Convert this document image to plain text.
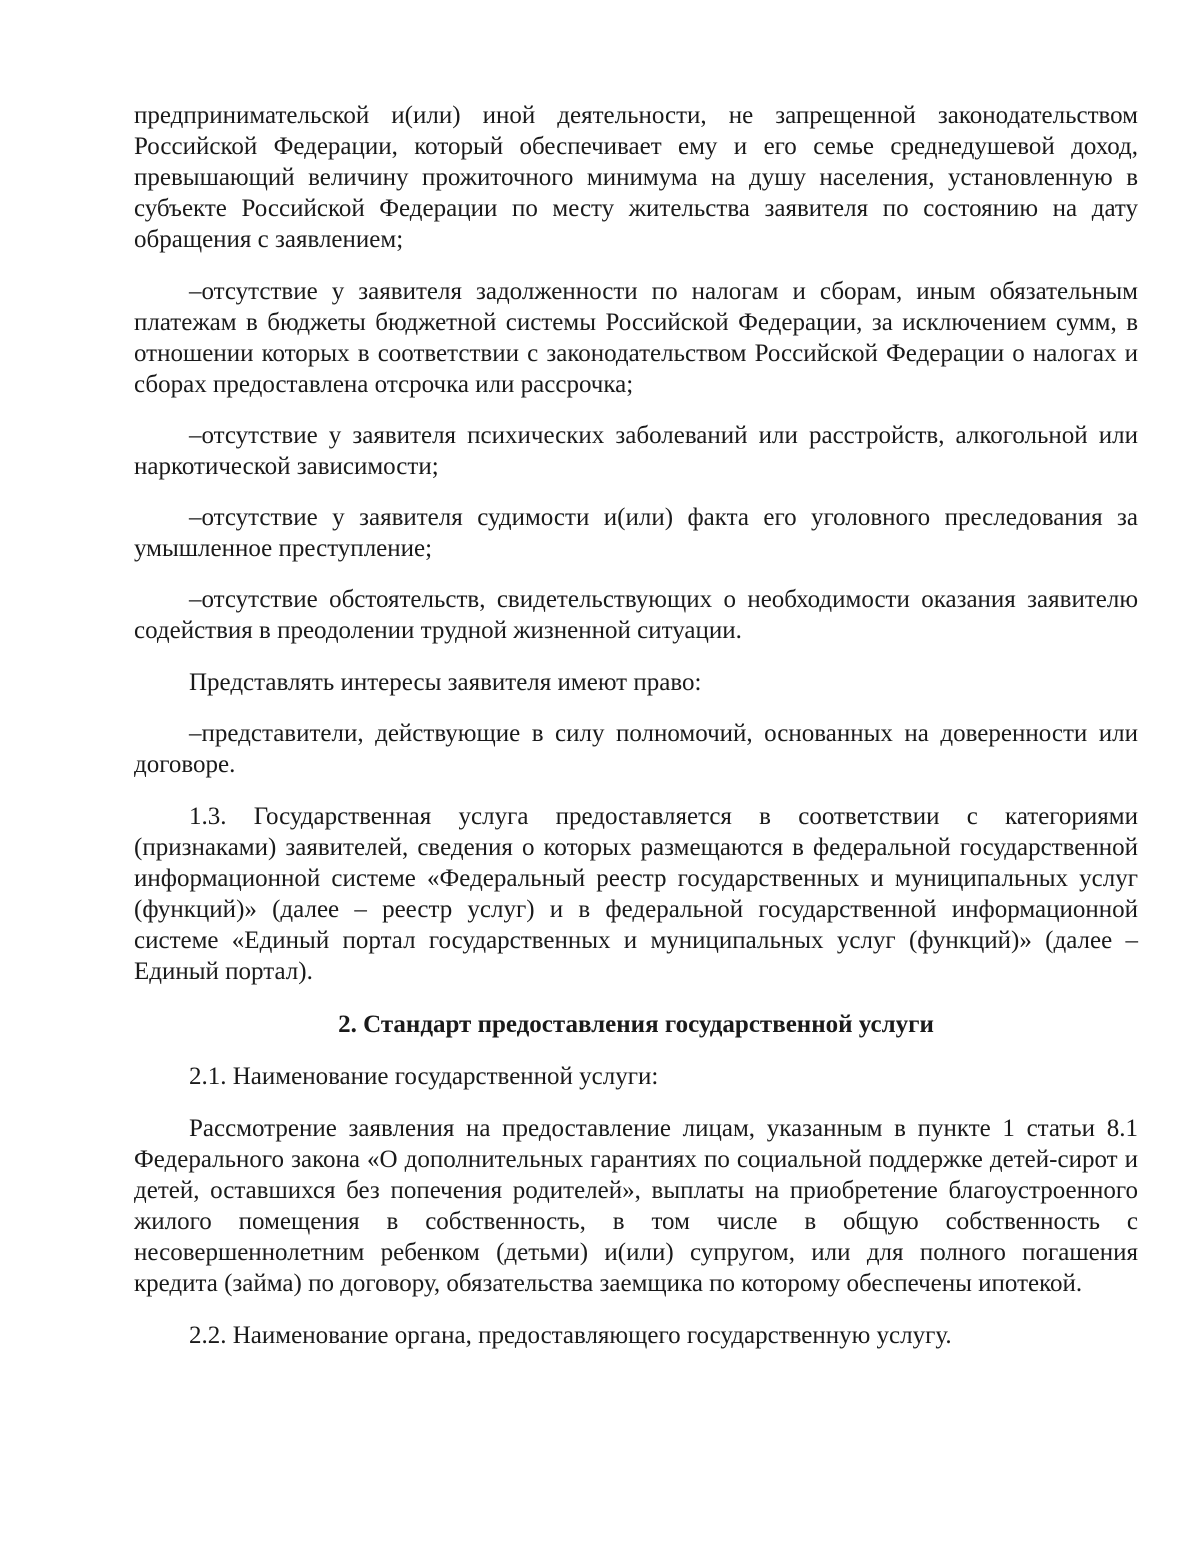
предпринимательской и(или) иной деятельности, не запрещенной законодательством Российской Федерации, который обеспечивает ему и его семье среднедушевой доход, превышающий величину прожиточного минимума на душу населения, установленную в субъекте Российской Федерации по месту жительства заявителя по состоянию на дату обращения с заявлением;

–отсутствие у заявителя задолженности по налогам и сборам, иным обязательным платежам в бюджеты бюджетной системы Российской Федерации, за исключением сумм, в отношении которых в соответствии с законодательством Российской Федерации о налогах и сборах предоставлена отсрочка или рассрочка;

–отсутствие у заявителя психических заболеваний или расстройств, алкогольной или наркотической зависимости;

–отсутствие у заявителя судимости и(или) факта его уголовного преследования за умышленное преступление;

–отсутствие обстоятельств, свидетельствующих о необходимости оказания заявителю содействия в преодолении трудной жизненной ситуации.

Представлять интересы заявителя имеют право:

–представители, действующие в силу полномочий, основанных на доверенности или договоре.

1.3. Государственная услуга предоставляется в соответствии с категориями (признаками) заявителей, сведения о которых размещаются в федеральной государственной информационной системе «Федеральный реестр государственных и муниципальных услуг (функций)» (далее – реестр услуг) и в федеральной государственной информационной системе «Единый портал государственных и муниципальных услуг (функций)» (далее – Единый портал).

2. Стандарт предоставления государственной услуги

2.1. Наименование государственной услуги:

Рассмотрение заявления на предоставление лицам, указанным в пункте 1 статьи 8.1 Федерального закона «О дополнительных гарантиях по социальной поддержке детей-сирот и детей, оставшихся без попечения родителей», выплаты на приобретение благоустроенного жилого помещения в собственность, в том числе в общую собственность с несовершеннолетним ребенком (детьми) и(или) супругом, или для полного погашения кредита (займа) по договору, обязательства заемщика по которому обеспечены ипотекой.

2.2. Наименование органа, предоставляющего государственную услугу.
